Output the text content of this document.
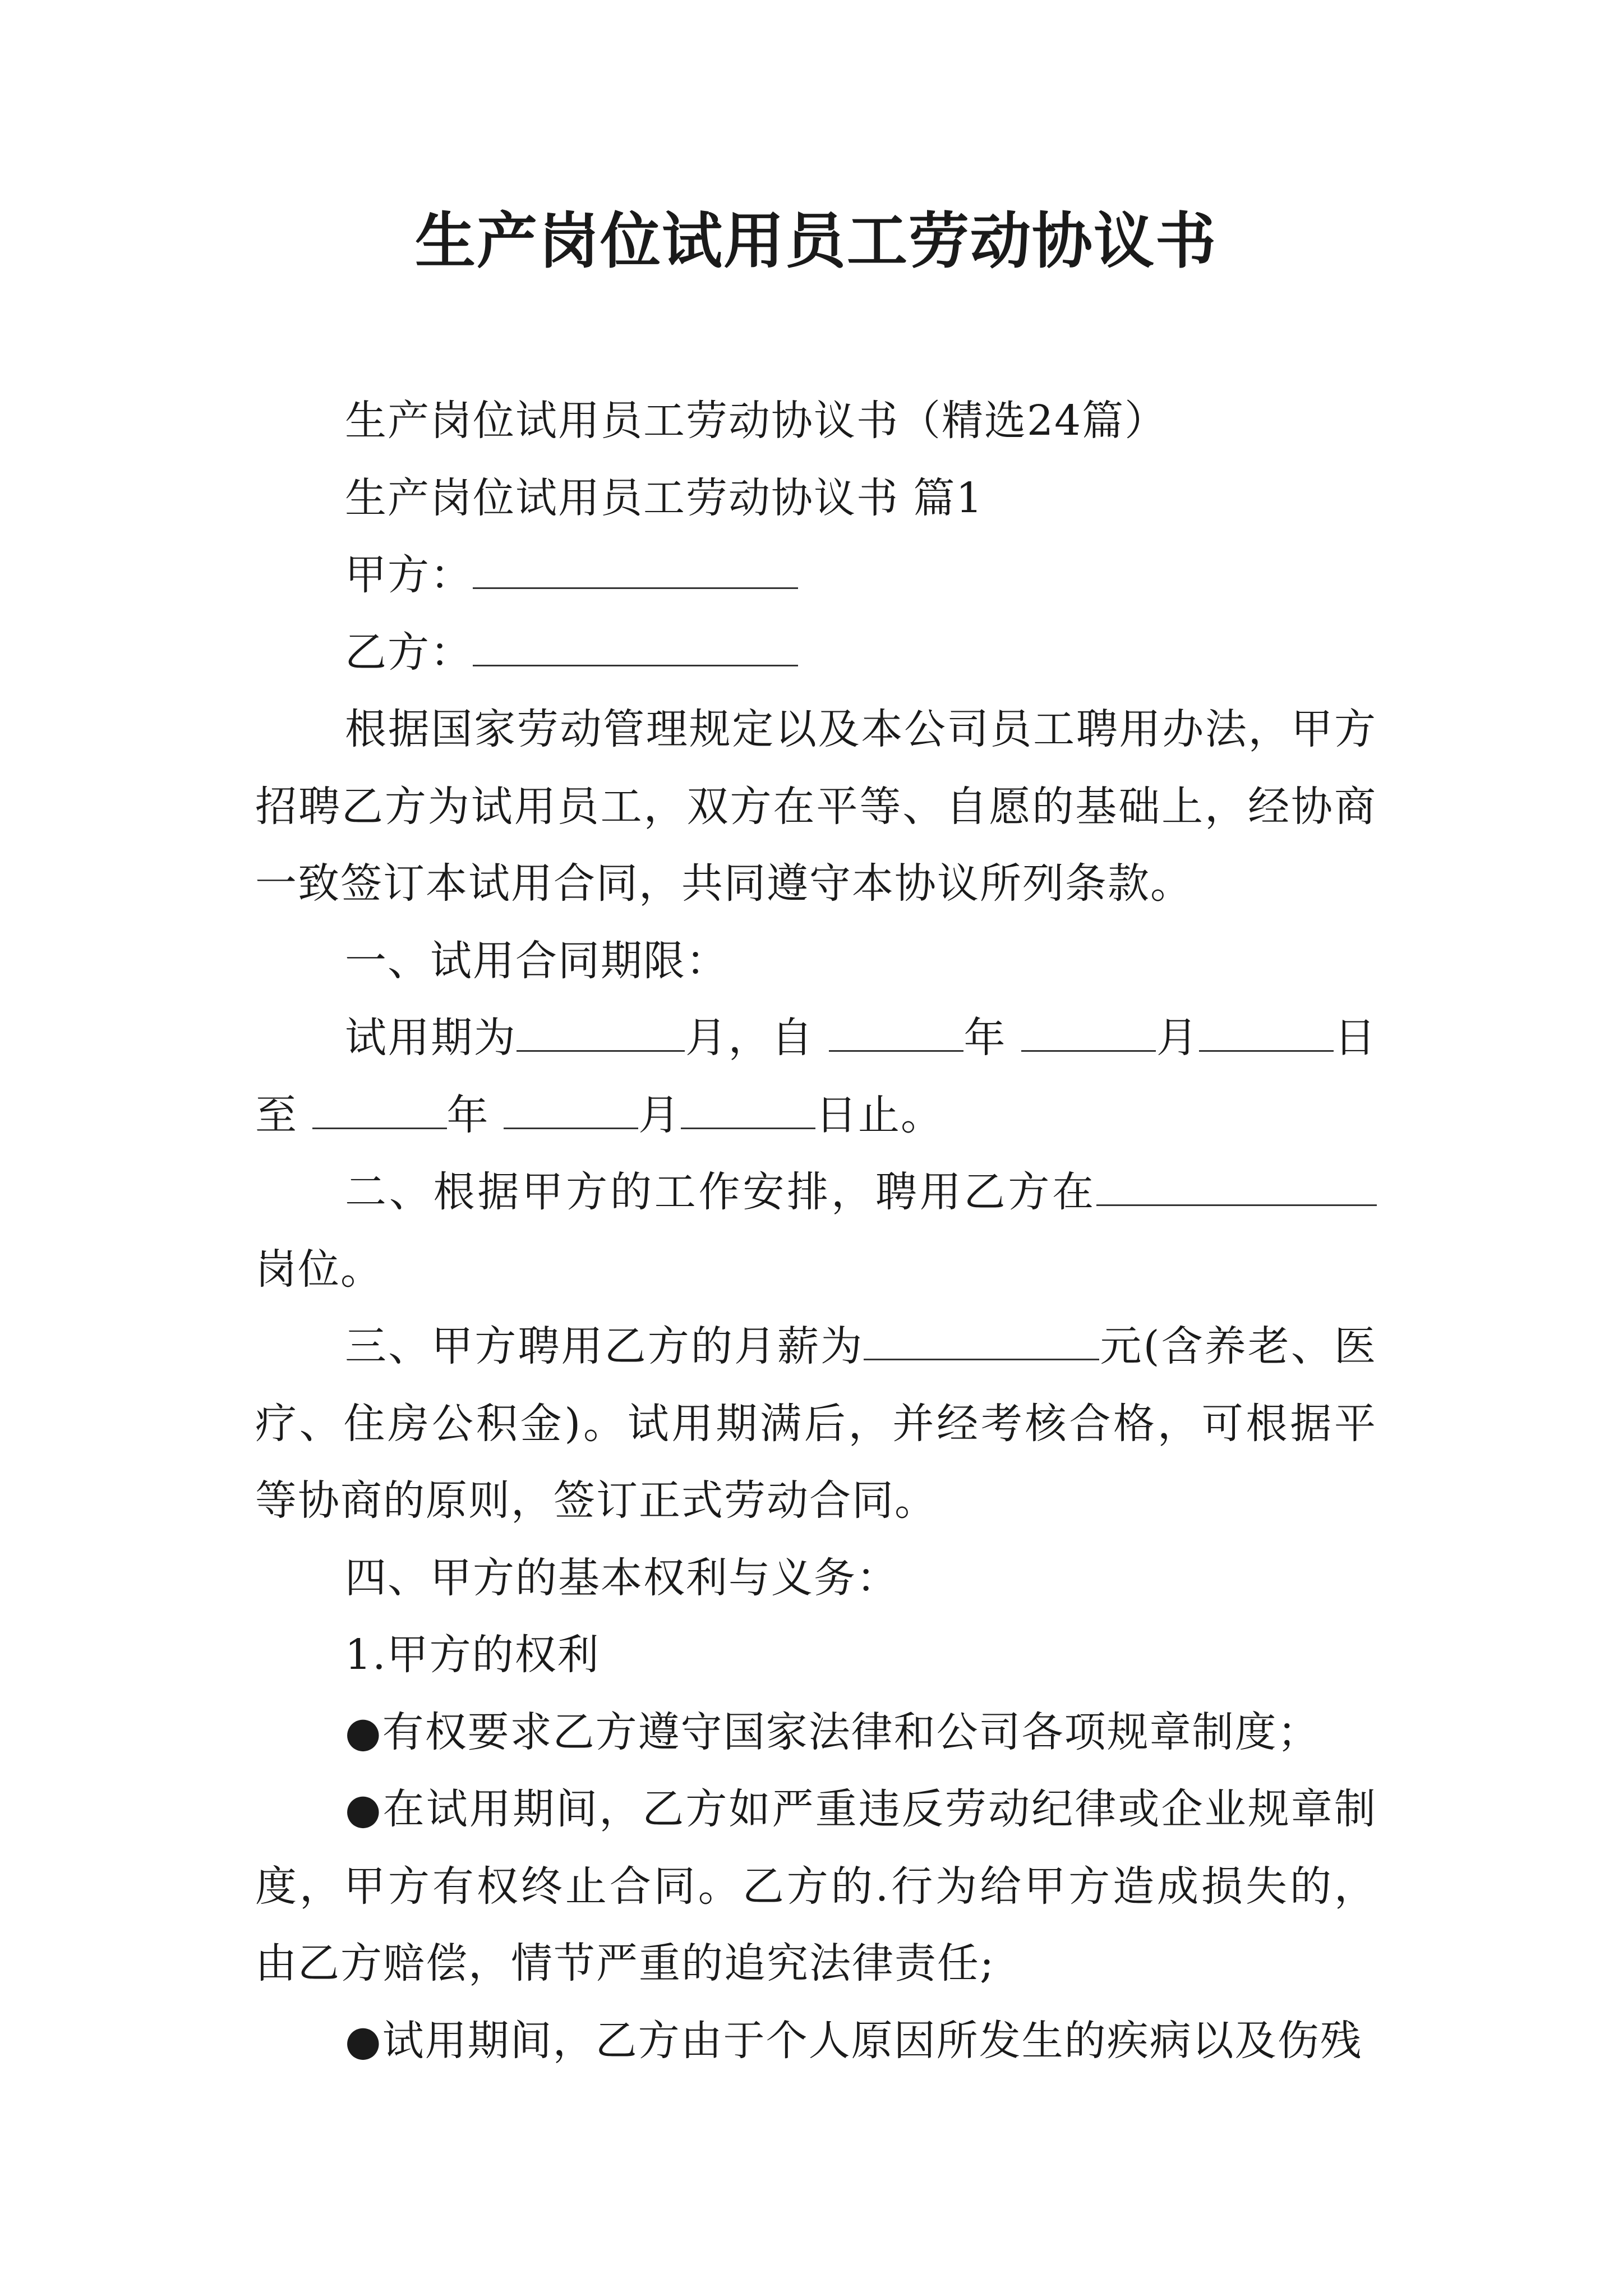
生产岗位试用员工劳动协议书

生产岗位试用员工劳动协议书（精选24篇）

生产岗位试用员工劳动协议书 篇1

甲方：

乙方：

根据国家劳动管理规定以及本公司员工聘用办法，甲方招聘乙方为试用员工，双方在平等、自愿的基础上，经协商一致签订本试用合同，共同遵守本协议所列条款。

一、试用合同期限：

试用期为	月，自	年	月	日至	年	月	日止。

二、根据甲方的工作安排，聘用乙方在岗位。

三、甲方聘用乙方的月薪为	元(含养老、医疗、住房公积金)。试用期满后，并经考核合格，可根据平等协商的原则，签订正式劳动合同。

四、甲方的基本权利与义务：

1.甲方的权利

●有权要求乙方遵守国家法律和公司各项规章制度；

●在试用期间，乙方如严重违反劳动纪律或企业规章制度，甲方有权终止合同。乙方的.行为给甲方造成损失的，由乙方赔偿，情节严重的追究法律责任;

●试用期间，乙方由于个人原因所发生的疾病以及伤残
